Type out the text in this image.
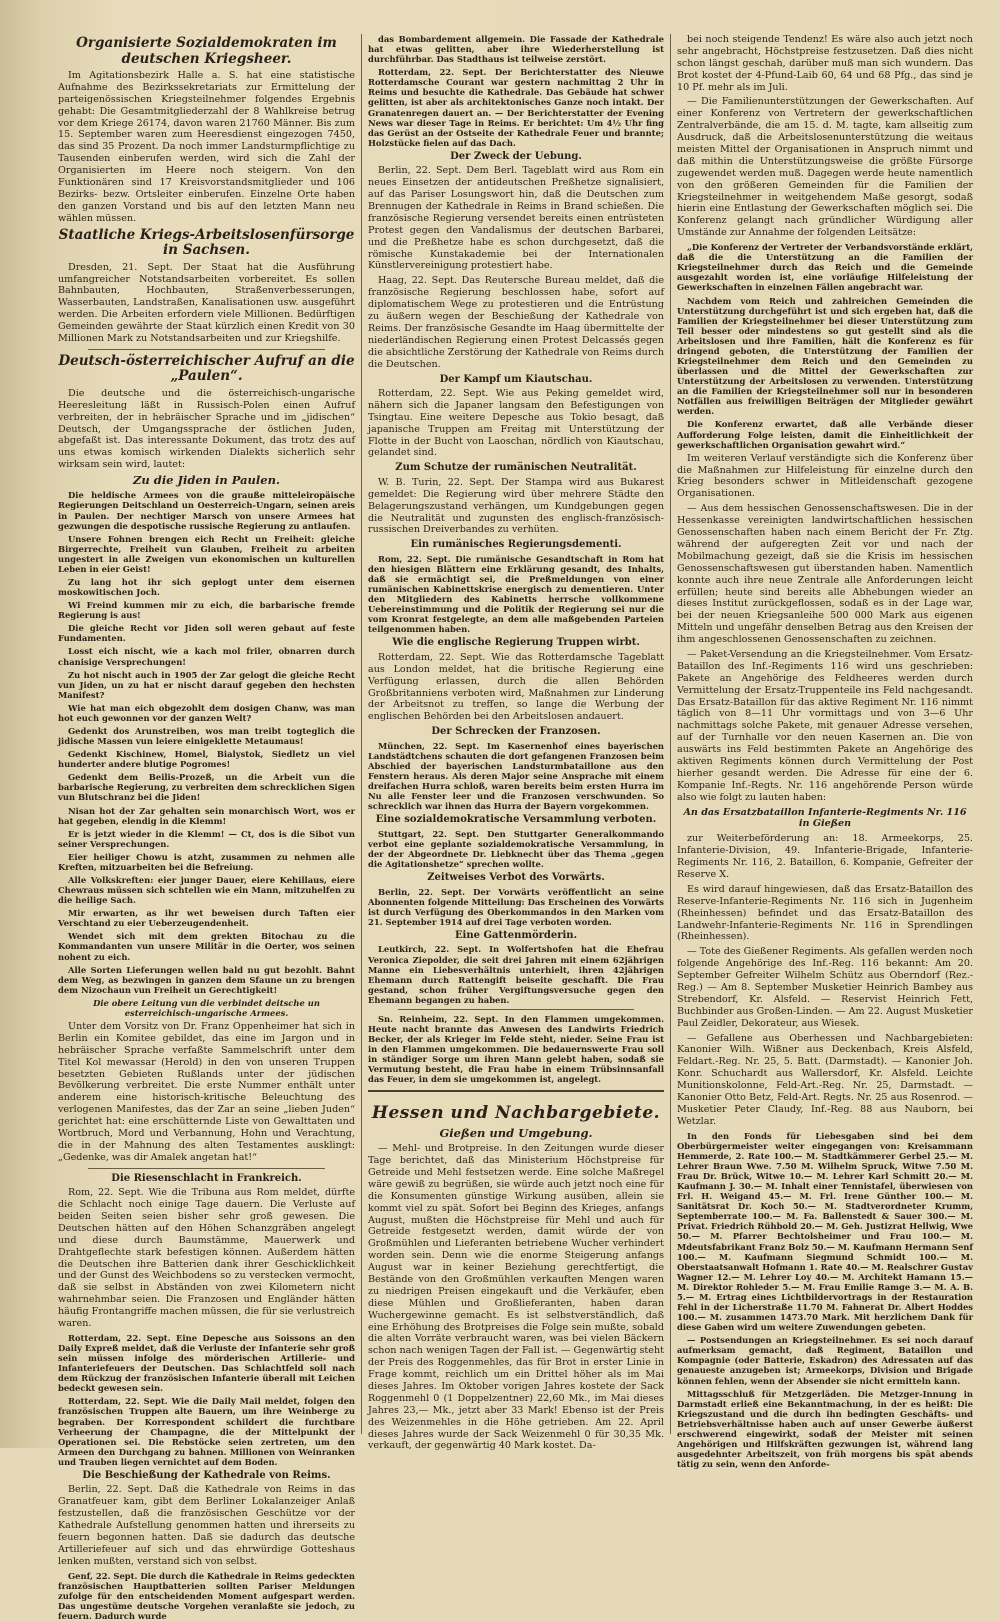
Organisierte Sozialdemokraten im deutschen Kriegsheer.

Im Agitationsbezirk Halle a. S. hat eine statistische Aufnahme des Bezirkssekretariats zur Ermittelung der parteigenössischen Kriegsteilnehmer folgendes Ergebnis gehabt: Die Gesamtmitgliederzahl der 8 Wahlkreise betrug vor dem Kriege 26174, davon waren 21760 Männer. Bis zum 15. September waren zum Heeresdienst eingezogen 7450, das sind 35 Prozent. Da noch immer Landsturmpflichtige zu Tausenden einberufen werden, wird sich die Zahl der Organisierten im Heere noch steigern. Von den Funktionären sind 17 Kreisvorstandsmitglieder und 106 Bezirks- bezw. Ortsleiter einberufen. Einzelne Orte haben den ganzen Vorstand und bis auf den letzten Mann neu wählen müssen.

Staatliche Kriegs-Arbeitslosenfürsorge in Sachsen.

Dresden, 21. Sept. Der Staat hat die Ausführung umfangreicher Notstandsarbeiten vorbereitet. Es sollen Bahnbauten, Hochbauten, Straßenverbesserungen, Wasserbauten, Landstraßen, Kanalisationen usw. ausgeführt werden. Die Arbeiten erfordern viele Millionen. Bedürftigen Gemeinden gewährte der Staat kürzlich einen Kredit von 30 Millionen Mark zu Notstandsarbeiten und zur Kriegshilfe.

Deutsch-österreichischer Aufruf an die „Paulen“.

Die deutsche und die österreichisch-ungarische Heeresleitung läßt in Russisch-Polen einen Aufruf verbreiten, der in hebräischer Sprache und im „jidischen“ Deutsch, der Umgangssprache der östlichen Juden, abgefaßt ist. Das interessante Dokument, das trotz des auf uns etwas komisch wirkenden Dialekts sicherlich sehr wirksam sein wird, lautet:

Zu die Jiden in Paulen.

Die heldische Armees von die grauße mitteleiropäische Regierungen Deitschland un Oesterreich-Ungarn, seinen areis in Paulen. Der nechtiger Marsch von unsere Armees hat gezwungen die despotische russische Regierung zu antlaufen.

Unsere Fohnen brengen eich Recht un Freiheit: gleiche Birgerrechte, Freiheit vun Glauben, Freiheit zu arbeiten ungestert in alle Zweigen vun ekonomischen un kulturellen Leben in eier Geist!

Zu lang hot ihr sich geplogt unter dem eisernen moskowitischen Joch.

Wi Freind kummen mir zu eich, die barbarische fremde Regierung is aus!

Die gleiche Recht vor Jiden soll weren gebaut auf feste Fundamenten.

Losst eich nischt, wie a kach mol friler, obnarren durch chanisige Versprechungen!

Zu hot nischt auch in 1905 der Zar gelogt die gleiche Recht vun Jiden, un zu hat er nischt darauf gegeben den hechsten Manifest?

Wie hat man eich obgezohlt dem dosigen Chanw, was man hot euch gewonnen vor der ganzen Welt?

Gedenkt dos Arunstreiben, wos man treibt togteglich die jidische Massen vun leiere einigeklette Metaumaus!

Gedenkt Kischinew, Homel, Bialystok, Siedletz un viel hunderter andere blutige Pogromes!

Gedenkt dem Beilis-Prozeß, un die Arbeit vun die barbarische Regierung, zu verbreiten dem schrecklichen Sigen vun Blutschranz bei die Jiden!

Nisan hot der Zar gehalten sein monarchisch Wort, wos er hat gegeben, elendig in die Klemm!

Er is jetzt wieder in die Klemm! — Ct, dos is die Sibot vun seiner Versprechungen.

Eier heiliger Chowu is atzht, zusammen zu nehmen alle Kreften, mitzuarbeiten bei die Befreiung.

Alle Volkskreften: eier junger Dauer, eiere Kehillaus, eiere Chewraus müssen sich schtellen wie ein Mann, mitzuhelfen zu die heilige Sach.

Mir erwarten, as ihr wet beweisen durch Taften eier Verschtand zu eier Ueberzeugendenheit.

Wendet sich mit dem grekten Bitochau zu die Kommandanten vun unsere Militär in die Oerter, wos seinen nohent zu eich.

Alle Sorten Lieferungen wellen bald nu gut bezohlt. Bahnt dem Weg, as bezwingen in ganzen dem Sfaune un zu brengen dem Nizochaun vun Freiheit un Gerechtigkeit!

Die obere Leitung vun die verbindet deitsche un esterreichisch-ungarische Armees.

Unter dem Vorsitz von Dr. Franz Oppenheimer hat sich in Berlin ein Komitee gebildet, das eine im Jargon und in hebräischer Sprache verfaßte Sammelschrift unter dem Titel Kol mewassar (Herold) in den von unseren Truppen besetzten Gebieten Rußlands unter der jüdischen Bevölkerung verbreitet. Die erste Nummer enthält unter anderem eine historisch-kritische Beleuchtung des verlogenen Manifestes, das der Zar an seine „lieben Juden“ gerichtet hat: eine erschütternde Liste von Gewalttaten und Wortbruch, Mord und Verbannung, Hohn und Verachtung, die in der Mahnung des alten Testamentes ausklingt: „Gedenke, was dir Amalek angetan hat!“

Die Riesenschlacht in Frankreich.

Rom, 22. Sept. Wie die Tribuna aus Rom meldet, dürfte die Schlacht noch einige Tage dauern. Die Verluste auf beiden Seiten seien bisher sehr groß gewesen. Die Deutschen hätten auf den Höhen Schanzgräben angelegt und diese durch Baumstämme, Mauerwerk und Drahtgeflechte stark befestigen können. Außerdem hätten die Deutschen ihre Batterien dank ihrer Geschicklichkeit und der Gunst des Weichbodens so zu verstecken vermocht, daß sie selbst in Abständen von zwei Kilometern nicht wahrnehmbar seien. Die Franzosen und Engländer hätten häufig Frontangriffe machen müssen, die für sie verlustreich waren.

Rotterdam, 22. Sept. Eine Depesche aus Soissons an den Daily Expreß meldet, daß die Verluste der Infanterie sehr groß sein müssen infolge des mörderischen Artillerie- und Infanteriefeuers der Deutschen. Das Schlachtfeld soll nach dem Rückzug der französischen Infanterie überall mit Leichen bedeckt gewesen sein.

Rotterdam, 22. Sept. Wie die Daily Mail meldet, folgen den französischen Truppen alte Bauern, um ihre Weinberge zu begraben. Der Korrespondent schildert die furchtbare Verheerung der Champagne, die der Mittelpunkt der Operationen sei. Die Rebstöcke seien zertreten, um den Armeen den Durchgang zu bahnen. Millionen von Weinranken und Trauben liegen vernichtet auf dem Boden.

Die Beschießung der Kathedrale von Reims.

Berlin, 22. Sept. Daß die Kathedrale von Reims in das Granatfeuer kam, gibt dem Berliner Lokalanzeiger Anlaß festzustellen, daß die französischen Geschütze vor der Kathedrale Aufstellung genommen hatten und ihrerseits zu feuern begonnen hatten. Daß sie dadurch das deutsche Artilleriefeuer auf sich und das ehrwürdige Gotteshaus lenken mußten, verstand sich von selbst.

Genf, 22. Sept. Die durch die Kathedrale in Reims gedeckten französischen Hauptbatterien sollten Pariser Meldungen zufolge für den entscheidenden Moment aufgespart werden. Das ungestüme deutsche Vorgehen veranlaßte sie jedoch, zu feuern. Dadurch wurde

das Bombardement allgemein. Die Fassade der Kathedrale hat etwas gelitten, aber ihre Wiederherstellung ist durchführbar. Das Stadthaus ist teilweise zerstört.

Rotterdam, 22. Sept. Der Berichterstatter des Nieuwe Rotterdamsche Courant war gestern nachmittag 2 Uhr in Reims und besuchte die Kathedrale. Das Gebäude hat schwer gelitten, ist aber als architektonisches Ganze noch intakt. Der Granatenregen dauert an. — Der Berichterstatter der Evening News war dieser Tage in Reims. Er berichtet: Um 4½ Uhr fing das Gerüst an der Ostseite der Kathedrale Feuer und brannte; Holzstücke fielen auf das Dach.

Der Zweck der Uebung.

Berlin, 22. Sept. Dem Berl. Tageblatt wird aus Rom ein neues Einsetzen der antideutschen Preßhetze signalisiert, auf das Pariser Losungswort hin, daß die Deutschen zum Brennugen der Kathedrale in Reims in Brand schießen. Die französische Regierung versendet bereits einen entrüsteten Protest gegen den Vandalismus der deutschen Barbarei, und die Preßhetze habe es schon durchgesetzt, daß die römische Kunstakademie bei der Internationalen Künstlervereinigung protestiert habe.

Haag, 22. Sept. Das Reutersche Bureau meldet, daß die französische Regierung beschlossen habe, sofort auf diplomatischem Wege zu protestieren und die Entrüstung zu äußern wegen der Beschießung der Kathedrale von Reims. Der französische Gesandte im Haag übermittelte der niederländischen Regierung einen Protest Delcassés gegen die absichtliche Zerstörung der Kathedrale von Reims durch die Deutschen.

Der Kampf um Kiautschau.

Rotterdam, 22. Sept. Wie aus Peking gemeldet wird, nähern sich die Japaner langsam den Befestigungen von Tsingtau. Eine weitere Depesche aus Tokio besagt, daß japanische Truppen am Freitag mit Unterstützung der Flotte in der Bucht von Laoschan, nördlich von Kiautschau, gelandet sind.

Zum Schutze der rumänischen Neutralität.

W. B. Turin, 22. Sept. Der Stampa wird aus Bukarest gemeldet: Die Regierung wird über mehrere Städte den Belagerungszustand verhängen, um Kundgebungen gegen die Neutralität und zugunsten des englisch-französisch-russischen Dreiverbandes zu verhüten.

Ein rumänisches Regierungsdementi.

Rom, 22. Sept. Die rumänische Gesandtschaft in Rom hat den hiesigen Blättern eine Erklärung gesandt, des Inhalts, daß sie ermächtigt sei, die Preßmeldungen von einer rumänischen Kabinettskrise energisch zu dementieren. Unter den Mitgliedern des Kabinetts herrsche vollkommene Uebereinstimmung und die Politik der Regierung sei nur die vom Kronrat festgelegte, an dem alle maßgebenden Parteien teilgenommen haben.

Wie die englische Regierung Truppen wirbt.

Rotterdam, 22. Sept. Wie das Rotterdamsche Tageblatt aus London meldet, hat die britische Regierung eine Verfügung erlassen, durch die allen Behörden Großbritanniens verboten wird, Maßnahmen zur Linderung der Arbeitsnot zu treffen, so lange die Werbung der englischen Behörden bei den Arbeitslosen andauert.

Der Schrecken der Franzosen.

München, 22. Sept. Im Kasernenhof eines bayerischen Landstädtchens schauten die dort gefangenen Franzosen beim Abschied der bayerischen Landsturmbataillone aus den Fenstern heraus. Als deren Major seine Ansprache mit einem dreifachen Hurra schloß, waren bereits beim ersten Hurra im Nu alle Fenster leer und die Franzosen verschwunden. So schrecklich war ihnen das Hurra der Bayern vorgekommen.

Eine sozialdemokratische Versammlung verboten.

Stuttgart, 22. Sept. Den Stuttgarter Generalkommando verbot eine geplante sozialdemokratische Versammlung, in der der Abgeordnete Dr. Liebknecht über das Thema „gegen die Agitationshetze“ sprechen wollte.

Zeitweises Verbot des Vorwärts.

Berlin, 22. Sept. Der Vorwärts veröffentlicht an seine Abonnenten folgende Mitteilung: Das Erscheinen des Vorwärts ist durch Verfügung des Oberkommandos in den Marken vom 21. September 1914 auf drei Tage verboten worden.

Eine Gattenmörderin.

Leutkirch, 22. Sept. In Wolfertshofen hat die Ehefrau Veronica Ziepolder, die seit drei Jahren mit einem 62jährigen Manne ein Liebesverhältnis unterhielt, ihren 42jährigen Ehemann durch Rattengift beiseite geschafft. Die Frau gestand, schon früher Vergiftungsversuche gegen den Ehemann begangen zu haben.

Sn. Reinheim, 22. Sept. In den Flammen umgekommen. Heute nacht brannte das Anwesen des Landwirts Friedrich Becker, der als Krieger im Felde steht, nieder. Seine Frau ist in den Flammen umgekommen. Die bedauernswerte Frau soll in ständiger Sorge um ihren Mann gelebt haben, sodaß sie Vermutung besteht, die Frau habe in einem Trübsinnsanfall das Feuer, in dem sie umgekommen ist, angelegt.

Hessen und Nachbargebiete.
Gießen und Umgebung.

— Mehl- und Brotpreise. In den Zeitungen wurde dieser Tage berichtet, daß das Ministerium Höchstpreise für Getreide und Mehl festsetzen werde. Eine solche Maßregel wäre gewiß zu begrüßen, sie würde auch jetzt noch eine für die Konsumenten günstige Wirkung ausüben, allein sie kommt viel zu spät. Sofort bei Beginn des Krieges, anfangs August, mußten die Höchstpreise für Mehl und auch für Getreide festgesetzt werden, damit würde der von Großmühlen und Lieferanten betriebene Wucher verhindert worden sein. Denn wie die enorme Steigerung anfangs August war in keiner Beziehung gerechtfertigt, die Bestände von den Großmühlen verkauften Mengen waren zu niedrigen Preisen eingekauft und die Verkäufer, eben diese Mühlen und Großlieferanten, haben daran Wuchergewinne gemacht. Es ist selbstverständlich, daß eine Erhöhung des Brotpreises die Folge sein mußte, sobald die alten Vorräte verbraucht waren, was bei vielen Bäckern schon nach wenigen Tagen der Fall ist. — Gegenwärtig steht der Preis des Roggenmehles, das für Brot in erster Linie in Frage kommt, reichlich um ein Drittel höher als im Mai dieses Jahres. Im Oktober vorigen Jahres kostete der Sack Roggenmehl 0 (1 Doppelzentner) 22,60 Mk., im Mai dieses Jahres 23,— Mk., jetzt aber 33 Mark! Ebenso ist der Preis des Weizenmehles in die Höhe getrieben. Am 22. April dieses Jahres wurde der Sack Weizenmehl 0 für 30,35 Mk. verkauft, der gegenwärtig 40 Mark kostet. Da-

bei noch steigende Tendenz! Es wäre also auch jetzt noch sehr angebracht, Höchstpreise festzusetzen. Daß dies nicht schon längst geschah, darüber muß man sich wundern. Das Brot kostet der 4-Pfund-Laib 60, 64 und 68 Pfg., das sind je 10 Pf. mehr als im Juli.

— Die Familienunterstützungen der Gewerkschaften. Auf einer Konferenz von Vertretern der gewerkschaftlichen Zentralverbände, die am 15. d. M. tagte, kam allseitig zum Ausdruck, daß die Arbeitslosenunterstützung die weitaus meisten Mittel der Organisationen in Anspruch nimmt und daß mithin die Unterstützungsweise die größte Fürsorge zugewendet werden muß. Dagegen werde heute namentlich von den größeren Gemeinden für die Familien der Kriegsteilnehmer in weitgehendem Maße gesorgt, sodaß hierin eine Entlastung der Gewerkschaften möglich sei. Die Konferenz gelangt nach gründlicher Würdigung aller Umstände zur Annahme der folgenden Leitsätze:

„Die Konferenz der Vertreter der Verbandsvorstände erklärt, daß die die Unterstützung an die Familien der Kriegsteilnehmer durch das Reich und die Gemeinde ausgezahlt worden ist, eine vorläufige Hilfeleistung der Gewerkschaften in einzelnen Fällen angebracht war.

Nachdem vom Reich und zahlreichen Gemeinden die Unterstützung durchgeführt ist und sich ergeben hat, daß die Familien der Kriegsteilnehmer bei dieser Unterstützung zum Teil besser oder mindestens so gut gestellt sind als die Arbeitslosen und ihre Familien, hält die Konferenz es für dringend geboten, die Unterstützung der Familien der Kriegsteilnehmer dem Reich und den Gemeinden zu überlassen und die Mittel der Gewerkschaften zur Unterstützung der Arbeitslosen zu verwenden. Unterstützung an die Familien der Kriegsteilnehmer soll nur in besonderen Notfällen aus freiwilligen Beiträgen der Mitglieder gewährt werden.

Die Konferenz erwartet, daß alle Verbände dieser Aufforderung Folge leisten, damit die Einheitlichkeit der gewerkschaftlichen Organisation gewahrt wird.“

Im weiteren Verlauf verständigte sich die Konferenz über die Maßnahmen zur Hilfeleistung für einzelne durch den Krieg besonders schwer in Mitleidenschaft gezogene Organisationen.

— Aus dem hessischen Genossenschaftswesen. Die in der Hessenkasse vereinigten landwirtschaftlichen hessischen Genossenschaften haben nach einem Bericht der Fr. Ztg. während der aufgeregten Zeit vor und nach der Mobilmachung gezeigt, daß sie die Krisis im hessischen Genossenschaftswesen gut überstanden haben. Namentlich konnte auch ihre neue Zentrale alle Anforderungen leicht erfüllen; heute sind bereits alle Abhebungen wieder an dieses Institut zurückgeflossen, sodaß es in der Lage war, bei der neuen Kriegsanleihe 500 000 Mark aus eigenen Mitteln und ungefähr denselben Betrag aus den Kreisen der ihm angeschlossenen Genossenschaften zu zeichnen.

— Paket-Versendung an die Kriegsteilnehmer. Vom Ersatz-Bataillon des Inf.-Regiments 116 wird uns geschrieben: Pakete an Angehörige des Feldheeres werden durch Vermittelung der Ersatz-Truppenteile ins Feld nachgesandt. Das Ersatz-Bataillon für das aktive Regiment Nr. 116 nimmt täglich von 8—11 Uhr vormittags und von 3—6 Uhr nachmittags solche Pakete, mit genauer Adresse versehen, auf der Turnhalle vor den neuen Kasernen an. Die von auswärts ins Feld bestimmten Pakete an Angehörige des aktiven Regiments können durch Vermittelung der Post hierher gesandt werden. Die Adresse für eine der 6. Kompanie Inf.-Regts. Nr. 116 angehörende Person würde also wie folgt zu lauten haben:

An das Ersatzbataillon Infanterie-Regiments Nr. 116 in Gießen

zur Weiterbeförderung an: 18. Armeekorps, 25. Infanterie-Division, 49. Infanterie-Brigade, Infanterie-Regiments Nr. 116, 2. Bataillon, 6. Kompanie, Gefreiter der Reserve X.

Es wird darauf hingewiesen, daß das Ersatz-Bataillon des Reserve-Infanterie-Regiments Nr. 116 sich in Jugenheim (Rheinhessen) befindet und das Ersatz-Bataillon des Landwehr-Infanterie-Regiments Nr. 116 in Sprendlingen (Rheinhessen).

— Tote des Gießener Regiments. Als gefallen werden noch folgende Angehörige des Inf.-Reg. 116 bekannt: Am 20. September Gefreiter Wilhelm Schütz aus Oberndorf (Rez.-Reg.) — Am 8. September Musketier Heinrich Bambey aus Strebendorf, Kr. Alsfeld. — Reservist Heinrich Fett, Buchbinder aus Großen-Linden. — Am 22. August Musketier Paul Zeidler, Dekorateur, aus Wiesek.

— Gefallene aus Oberhessen und Nachbargebieten: Kanonier Wilh. Wißner aus Deckenbach, Kreis Alsfeld, Feldart.-Reg. Nr. 25, 5. Batt. (Darmstadt). — Kanonier Joh. Konr. Schuchardt aus Wallersdorf, Kr. Alsfeld. Leichte Munitionskolonne, Feld-Art.-Reg. Nr. 25, Darmstadt. — Kanonier Otto Betz, Feld-Art. Regts. Nr. 25 aus Rosenrod. — Musketier Peter Claudy, Inf.-Reg. 88 aus Nauborn, bei Wetzlar.

In den Fonds für Liebesgaben sind bei dem Oberbürgermeister weiter eingegangen von: Kreisammann Hemmerde, 2. Rate 100.— M. Stadtkämmerer Gerbel 25.— M. Lehrer Braun Wwe. 7.50 M. Wilhelm Spruck, Witwe 7.50 M. Frau Dr. Brück, Witwe 10.— M. Lehrer Karl Schmitt 20.— M. Kaufmann J. 30.— M. Inhalt einer Tennistafel, überwiesen von Frl. H. Weigand 45.— M. Frl. Irene Günther 100.— M. Sanitätsrat Dr. Koch 50.— M. Stadtverordneter Krumm, Septemberrate 100.— M. Fa. Ballenstedt & Sauer 300.— M. Privat. Friedrich Rühbold 20.— M. Geh. Justizrat Hellwig, Wwe 50.— M. Pfarrer Bechtolsheimer und Frau 100.— M. Mdeutsfabrikant Franz Bolz 50.— M. Kaufmann Hermann Senf 100.— M. Kaufmann Siegmund Schmidt 100.— M. Oberstaatsanwalt Hofmann 1. Rate 40.— M. Realschrer Gustav Wagner 12.— M. Lehrer Loy 40.— M. Architekt Hamann 15.— M. Direktor Rohleder 5.— M. Frau Emilie Ramge 3.— M. A. B. 5.— M. Ertrag eines Lichtbildervortrags in der Restauration Fehl in der Licherstraße 11.70 M. Fahnerat Dr. Albert Hoddes 100.— M. zusammen 1473.70 Mark. Mit herzlichem Dank für diese Gaben wird um weitere Zuwendungen gebeten.

— Postsendungen an Kriegsteilnehmer. Es sei noch darauf aufmerksam gemacht, daß Regiment, Bataillon und Kompagnie (oder Batterie, Eskadron) des Adressaten auf das genaueste anzugeben ist; Armeekorps, Division und Brigade können fehlen, wenn der Absender sie nicht ermitteln kann.

Mittagsschluß für Metzgerläden. Die Metzger-Innung in Darmstadt erließ eine Bekanntmachung, in der es heißt: Die Kriegszustand und die durch ihn bedingten Geschäfts- und Betriebsverhältnisse haben auch auf unser Gewerbe äußerst erschwerend eingewirkt, sodaß der Meister mit seinen Angehörigen und Hilfskräften gezwungen ist, während lang ausgedehnter Arbeitszeit, von früh morgens bis spät abends tätig zu sein, wenn den Anforde-
